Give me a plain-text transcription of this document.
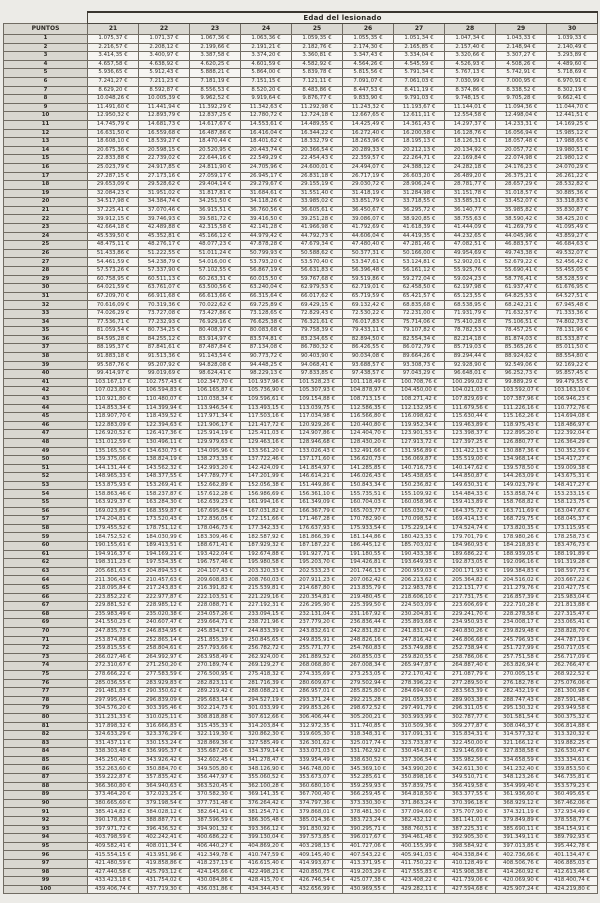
	Edad del lesionado									
PUNTOS	21	22	23	24	25	26	27	28	29	30
1	1.075,37 €	1.071,37 €	1.067,36 €	1.063,36 €	1.059,35 €	1.055,35 €	1.051,34 €	1.047,34 €	1.043,33 €	1.039,33 €
2	2.216,57 €	2.208,12 €	2.199,66 €	2.191,21 €	2.182,76 €	2.174,30 €	2.165,85 €	2.157,40 €	2.148,94 €	2.140,49 €
3	3.414,35 €	3.400,97 €	3.387,58 €	3.374,20 €	3.360,81 €	3.347,43 €	3.334,04 €	3.320,66 €	3.307,27 €	3.293,89 €
4	4.657,58 €	4.638,92 €	4.620,25 €	4.601,59 €	4.582,92 €	4.564,26 €	4.545,59 €	4.526,93 €	4.508,26 €	4.489,60 €
5	5.936,65 €	5.912,43 €	5.888,21 €	5.864,00 €	5.839,78 €	5.815,56 €	5.791,34 €	5.767,13 €	5.742,91 €	5.718,69 €
6	7.241,27 €	7.211,23 €	7.181,19 €	7.151,15 €	7.121,11 €	7.091,07 €	7.061,03 €	7.030,99 €	7.000,95 €	6.970,91 €
7	8.629,20 €	8.592,87 €	8.556,53 €	8.520,20 €	8.483,86 €	8.447,53 €	8.411,19 €	8.374,86 €	8.338,52 €	8.302,19 €
8	10.048,26 €	10.005,39 €	9.962,52 €	9.919,64 €	9.876,77 €	9.833,90 €	9.791,03 €	9.748,15 €	9.705,28 €	9.662,41 €
9	11.491,60 €	11.441,94 €	11.392,29 €	11.342,63 €	11.292,98 €	11.243,32 €	11.193,67 €	11.144,01 €	11.094,36 €	11.044,70 €
10	12.950,32 €	12.893,79 €	12.837,25 €	12.780,72 €	12.724,18 €	12.667,65 €	12.611,11 €	12.554,58 €	12.498,04 €	12.441,51 €
11	14.745,79 €	14.681,73 €	14.617,67 €	14.553,61 €	14.489,55 €	14.425,49 €	14.361,43 €	14.297,37 €	14.233,31 €	14.169,25 €
12	16.631,50 €	16.559,68 €	16.487,86 €	16.416,04 €	16.344,22 €	16.272,40 €	16.200,58 €	16.128,76 €	16.056,94 €	15.985,12 €
13	18.608,10 €	18.539,27 €	18.470,44 €	18.401,62 €	18.332,79 €	18.263,96 €	18.195,13 €	18.126,31 €	18.057,48 €	17.988,65 €
14	20.675,36 €	20.598,15 €	20.520,95 €	20.443,74 €	20.366,54 €	20.289,33 €	20.212,13 €	20.134,92 €	20.057,72 €	19.980,51 €
15	22.833,88 €	22.739,02 €	22.644,16 €	22.549,29 €	22.454,43 €	22.359,57 €	22.264,71 €	22.169,84 €	22.074,98 €	21.980,12 €
16	25.023,79 €	24.917,85 €	24.811,90 €	24.705,96 €	24.600,01 €	24.494,07 €	24.388,12 €	24.282,18 €	24.176,23 €	24.070,29 €
17	27.287,15 €	27.173,16 €	27.059,17 €	26.945,17 €	26.831,18 €	26.717,19 €	26.603,20 €	26.489,20 €	26.375,21 €	26.261,22 €
18	29.653,09 €	29.528,62 €	29.404,14 €	29.279,67 €	29.155,19 €	29.030,72 €	28.906,24 €	28.781,77 €	28.657,29 €	28.532,82 €
19	32.084,23 €	31.951,02 €	31.817,81 €	31.684,61 €	31.551,40 €	31.418,19 €	31.284,98 €	31.151,78 €	31.018,57 €	30.885,36 €
20	34.517,98 €	34.384,74 €	34.251,50 €	34.118,26 €	33.985,02 €	33.851,79 €	33.718,55 €	33.585,31 €	33.452,07 €	33.318,83 €
21	37.225,41 €	37.070,46 €	36.915,51 €	36.760,56 €	36.605,61 €	36.450,67 €	36.295,72 €	36.140,77 €	35.985,82 €	35.830,87 €
22	39.912,15 €	39.746,93 €	39.581,72 €	39.416,50 €	39.251,28 €	39.086,07 €	38.920,85 €	38.755,63 €	38.590,42 €	38.425,20 €
23	42.664,18 €	42.489,88 €	42.315,58 €	42.141,28 €	41.966,98 €	41.792,69 €	41.618,39 €	41.444,09 €	41.269,79 €	41.095,49 €
24	45.539,50 €	45.352,81 €	45.166,12 €	44.979,42 €	44.792,73 €	44.606,04 €	44.419,35 €	44.232,65 €	44.045,96 €	43.859,27 €
25	48.475,11 €	48.276,17 €	48.077,23 €	47.878,28 €	47.679,34 €	47.480,40 €	47.281,46 €	47.082,51 €	46.883,57 €	46.684,63 €
26	51.433,86 €	51.222,55 €	51.011,24 €	50.799,93 €	50.588,62 €	50.377,31 €	50.166,00 €	49.954,69 €	49.743,38 €	49.532,07 €
27	54.461,59 €	54.238,79 €	54.016,00 €	53.793,20 €	53.570,40 €	53.347,61 €	53.124,81 €	52.902,01 €	52.679,22 €	52.456,42 €
28	57.573,26 €	57.337,90 €	57.102,55 €	56.867,19 €	56.631,83 €	56.396,48 €	56.161,12 €	55.925,76 €	55.690,41 €	55.455,05 €
29	60.758,95 €	60.511,13 €	60.263,31 €	60.015,50 €	59.767,68 €	59.519,86 €	59.272,04 €	59.024,23 €	58.776,41 €	58.528,59 €
30	64.021,59 €	63.761,07 €	63.500,56 €	63.240,04 €	62.979,53 €	62.719,01 €	62.458,50 €	62.197,98 €	61.937,47 €	61.676,95 €
31	67.209,70 €	66.911,68 €	66.613,66 €	66.315,64 €	66.017,62 €	65.719,59 €	65.421,57 €	65.123,55 €	64.825,53 €	64.527,51 €
32	70.616,09 €	70.319,36 €	70.022,62 €	69.725,89 €	69.429,15 €	69.132,42 €	68.835,68 €	68.538,95 €	68.242,21 €	67.945,48 €
33	74.026,29 €	73.727,08 €	73.427,86 €	73.128,65 €	72.829,43 €	72.530,22 €	72.231,00 €	71.931,79 €	71.632,57 €	71.333,36 €
34	77.536,71 €	77.232,93 €	76.929,16 €	76.625,38 €	76.321,61 €	76.017,83 €	75.714,06 €	75.410,28 €	75.106,51 €	74.802,73 €
35	81.059,54 €	80.734,25 €	80.408,97 €	80.083,68 €	79.758,39 €	79.433,11 €	79.107,82 €	78.782,53 €	78.457,25 €	78.131,96 €
36	84.595,28 €	84.255,12 €	83.914,97 €	83.574,81 €	83.234,65 €	82.894,50 €	82.554,34 €	82.214,18 €	81.874,03 €	81.533,87 €
37	88.195,37 €	87.841,61 €	87.487,84 €	87.134,08 €	86.780,32 €	86.426,55 €	86.072,79 €	85.719,03 €	85.365,26 €	85.011,50 €
38	91.883,18 €	91.513,36 €	91.143,54 €	90.773,72 €	90.403,90 €	90.034,08 €	89.664,26 €	89.294,44 €	88.924,62 €	88.554,80 €
39	95.587,76 €	95.207,92 €	94.828,08 €	94.448,25 €	94.068,41 €	93.688,57 €	93.308,73 €	92.928,90 €	92.549,06 €	92.169,22 €
40	99.414,97 €	99.019,69 €	98.624,41 €	98.229,13 €	97.833,85 €	97.438,57 €	97.043,29 €	96.648,01 €	96.252,73 €	95.857,45 €
41	103.167,17 €	102.757,43 €	102.347,70 €	101.937,96 €	101.528,23 €	101.118,49 €	100.708,76 €	100.299,02 €	99.889,29 €	99.479,55 €
42	107.023,80 €	106.594,83 €	106.165,87 €	105.736,90 €	105.307,93 €	104.878,97 €	104.450,00 €	104.021,03 €	103.592,07 €	103.163,10 €
43	110.921,80 €	110.480,07 €	110.038,34 €	109.596,61 €	109.154,88 €	108.713,15 €	108.271,42 €	107.829,69 €	107.387,96 €	106.946,23 €
44	114.853,34 €	114.399,94 €	113.946,54 €	113.493,15 €	113.039,75 €	112.586,35 €	112.132,95 €	111.679,56 €	111.226,16 €	110.772,76 €
45	118.907,70 €	118.439,52 €	117.971,34 €	117.503,16 €	117.034,98 €	116.566,80 €	116.098,62 €	115.630,44 €	115.162,26 €	114.694,08 €
46	122.883,09 €	122.394,63 €	121.906,17 €	121.417,72 €	120.929,26 €	120.440,80 €	119.952,34 €	119.463,89 €	118.975,43 €	118.486,97 €
47	126.920,52 €	126.417,36 €	125.914,19 €	125.411,03 €	124.907,86 €	124.404,70 €	123.901,53 €	123.398,37 €	122.895,20 €	122.392,04 €
48	131.012,59 €	130.496,11 €	129.979,63 €	129.463,16 €	128.946,68 €	128.430,20 €	127.913,72 €	127.397,25 €	126.880,77 €	126.364,29 €
49	135.165,50 €	134.630,73 €	134.095,96 €	133.561,20 €	133.026,43 €	132.491,66 €	131.956,89 €	131.422,13 €	130.887,36 €	130.352,59 €
50	139.375,06 €	138.824,19 €	138.273,33 €	137.722,46 €	137.171,60 €	136.620,73 €	136.069,87 €	135.519,00 €	134.968,14 €	134.417,27 €
51	144.131,44 €	143.562,32 €	142.993,20 €	142.424,09 €	141.854,97 €	141.285,85 €	140.716,73 €	140.147,62 €	139.578,50 €	139.009,38 €
52	148.965,33 €	148.377,55 €	147.789,77 €	147.201,99 €	146.614,21 €	146.026,43 €	145.438,65 €	144.850,87 €	144.263,09 €	143.675,31 €
53	153.875,93 €	153.269,41 €	152.662,89 €	152.056,38 €	151.449,86 €	150.843,34 €	150.236,82 €	149.630,31 €	149.023,79 €	148.417,27 €
54	158.863,46 €	158.237,87 €	157.612,28 €	156.986,69 €	156.361,10 €	155.735,51 €	155.109,92 €	154.484,33 €	153.858,74 €	153.233,15 €
55	163.929,37 €	163.284,30 €	162.639,23 €	161.994,16 €	161.349,09 €	160.704,03 €	160.058,96 €	159.413,89 €	158.768,82 €	158.123,75 €
56	169.023,89 €	168.359,87 €	167.695,84 €	167.031,82 €	166.367,79 €	165.703,77 €	165.039,74 €	164.375,72 €	163.711,69 €	163.047,67 €
57	174.204,81 €	173.520,43 €	172.836,05 €	172.151,66 €	171.467,28 €	170.782,90 €	170.098,52 €	169.414,13 €	168.729,75 €	168.045,37 €
58	179.455,52 €	178.751,12 €	178.046,73 €	177.342,33 €	176.637,93 €	175.933,54 €	175.229,14 €	174.524,74 €	173.820,35 €	173.115,95 €
59	184.752,52 €	184.030,99 €	183.309,46 €	182.587,92 €	181.866,39 €	181.144,86 €	180.423,33 €	179.701,79 €	178.980,26 €	178.258,73 €
60	190.155,61 €	189.413,51 €	188.671,41 €	187.929,32 €	187.187,22 €	186.445,12 €	185.703,02 €	184.960,93 €	184.218,83 €	183.476,73 €
61	194.916,37 €	194.169,21 €	193.422,04 €	192.674,88 €	191.927,71 €	191.180,55 €	190.433,38 €	189.686,22 €	188.939,05 €	188.191,89 €
62	198.311,23 €	197.534,35 €	196.757,46 €	195.980,58 €	195.203,70 €	194.426,81 €	193.649,93 €	192.873,05 €	192.096,16 €	191.319,28 €
63	205.681,63 €	204.894,53 €	204.107,43 €	203.320,33 €	202.533,23 €	201.746,13 €	200.959,03 €	200.171,93 €	199.384,83 €	198.597,73 €
64	211.306,43 €	210.457,63 €	209.608,83 €	208.760,03 €	207.911,23 €	207.062,42 €	206.213,62 €	205.364,82 €	204.516,02 €	203.667,22 €
65	218.095,84 €	217.243,83 €	216.391,82 €	215.539,81 €	214.687,80 €	213.835,79 €	212.983,78 €	212.131,77 €	211.279,76 €	210.427,75 €
66	223.852,22 €	222.977,87 €	222.103,51 €	221.229,16 €	220.354,81 €	219.480,45 €	218.606,10 €	217.731,75 €	216.857,39 €	215.983,04 €
67	229.881,52 €	228.985,12 €	228.088,71 €	227.192,31 €	226.295,90 €	225.399,50 €	224.503,09 €	223.606,69 €	222.710,28 €	221.813,88 €
68	235.983,49 €	235.020,38 €	234.057,26 €	233.094,15 €	232.131,04 €	231.167,92 €	230.204,81 €	229.241,70 €	228.278,58 €	227.315,47 €
69	241.550,23 €	240.607,47 €	239.664,71 €	238.721,96 €	237.779,20 €	236.836,44 €	235.893,68 €	234.950,93 €	234.008,17 €	233.065,41 €
70	247.835,73 €	246.834,95 €	245.834,17 €	244.833,39 €	243.832,61 €	242.831,82 €	241.831,04 €	240.830,26 €	239.829,48 €	238.828,70 €
71	253.874,88 €	252.865,14 €	251.855,39 €	250.845,65 €	249.835,91 €	248.826,16 €	247.816,42 €	246.806,68 €	245.796,93 €	244.787,19 €
72	259.815,55 €	258.804,61 €	257.793,66 €	256.782,72 €	255.771,77 €	254.760,83 €	253.749,88 €	252.738,94 €	251.727,99 €	250.717,05 €
73	266.027,46 €	264.992,97 €	263.958,49 €	262.924,00 €	261.889,52 €	260.855,03 €	259.820,55 €	258.786,06 €	257.751,58 €	256.717,09 €
74	272.310,67 €	271.250,20 €	270.189,74 €	269.129,27 €	268.068,80 €	267.008,34 €	265.947,87 €	264.887,40 €	263.826,94 €	262.766,47 €
75	278.666,22 €	277.583,59 €	276.500,95 €	275.418,32 €	274.335,69 €	273.253,05 €	272.170,42 €	271.087,79 €	270.005,15 €	268.922,52 €
76	285.036,55 €	283.929,83 €	282.823,11 €	281.716,39 €	280.609,67 €	279.502,94 €	278.396,22 €	277.289,50 €	276.182,78 €	275.076,06 €
77	291.481,83 €	290.350,62 €	289.219,42 €	288.088,21 €	286.957,01 €	285.825,80 €	284.694,60 €	283.563,39 €	282.432,19 €	281.300,98 €
78	297.995,04 €	296.839,09 €	295.683,14 €	294.527,19 €	293.371,24 €	292.215,28 €	291.059,33 €	289.903,38 €	288.747,43 €	287.591,48 €
79	304.576,20 €	303.395,46 €	302.214,73 €	301.033,99 €	299.853,26 €	298.672,52 €	297.491,79 €	296.311,05 €	295.130,32 €	293.949,58 €
80	311.231,33 €	310.025,11 €	308.818,88 €	307.612,66 €	306.406,44 €	305.200,21 €	303.993,99 €	302.787,77 €	301.581,54 €	300.375,32 €
81	317.898,32 €	316.666,83 €	315.435,33 €	314.203,84 €	312.972,35 €	311.740,85 €	310.509,36 €	309.277,87 €	308.046,37 €	306.814,88 €
82	324.633,29 €	323.376,29 €	322.119,30 €	320.862,30 €	319.605,30 €	318.348,31 €	317.091,31 €	315.834,31 €	314.577,32 €	313.320,32 €
83	331.437,11 €	330.153,24 €	328.869,36 €	327.585,49 €	326.301,62 €	325.017,74 €	323.733,87 €	322.450,00 €	321.166,12 €	319.882,25 €
84	338.303,48 €	336.995,37 €	335.687,26 €	334.379,14 €	333.071,03 €	331.762,92 €	330.454,81 €	329.146,69 €	327.838,58 €	326.530,47 €
85	345.250,40 €	343.926,42 €	342.602,45 €	341.278,47 €	339.954,49 €	338.630,52 €	337.306,54 €	335.982,56 €	334.658,59 €	333.334,61 €
86	352.263,60 €	350.884,70 €	349.505,80 €	348.126,90 €	346.748,00 €	345.369,10 €	343.990,20 €	342.611,30 €	341.232,40 €	339.853,50 €
87	359.222,87 €	357.835,42 €	356.447,97 €	355.060,52 €	353.673,07 €	352.285,61 €	350.898,16 €	349.510,71 €	348.123,26 €	346.735,81 €
88	366.360,80 €	364.940,63 €	363.520,45 €	362.100,28 €	360.680,10 €	359.259,93 €	357.839,75 €	356.419,58 €	354.999,40 €	353.579,23 €
89	373.464,20 €	372.023,25 €	370.582,30 €	369.141,35 €	367.700,40 €	366.259,45 €	364.818,50 €	363.377,55 €	361.936,60 €	360.495,65 €
90	380.665,60 €	379.198,54 €	377.731,48 €	376.264,42 €	374.797,36 €	373.330,30 €	371.863,24 €	370.396,18 €	368.929,12 €	367.462,06 €
91	385.414,82 €	384.028,12 €	382.641,41 €	381.254,71 €	379.868,01 €	378.481,30 €	377.094,60 €	375.707,90 €	374.321,19 €	372.934,49 €
92	390.178,83 €	388.887,71 €	387.596,59 €	386.305,48 €	385.014,36 €	383.723,24 €	382.432,12 €	381.141,01 €	379.849,89 €	378.558,77 €
93	397.971,72 €	396.436,52 €	394.901,32 €	393.366,12 €	391.830,92 €	390.295,71 €	388.760,51 €	387.225,31 €	385.690,11 €	384.154,91 €
94	403.798,59 €	402.242,41 €	400.686,22 €	399.130,04 €	397.573,85 €	396.017,67 €	394.461,48 €	392.905,30 €	391.349,11 €	389.792,93 €
95	409.582,41 €	408.011,34 €	406.440,27 €	404.869,20 €	403.298,13 €	401.727,06 €	400.155,99 €	398.584,92 €	397.013,85 €	395.442,78 €
96	415.554,15 €	413.951,96 €	412.349,78 €	410.747,59 €	409.145,40 €	407.543,22 €	405.941,03 €	404.338,84 €	402.736,66 €	401.134,47 €
97	421.480,59 €	419.858,86 €	418.237,13 €	416.615,40 €	414.993,67 €	413.371,95 €	411.750,22 €	410.128,49 €	408.506,76 €	406.885,03 €
98	427.440,58 €	425.793,12 €	424.145,66 €	422.498,21 €	420.850,75 €	419.203,29 €	417.555,83 €	415.908,38 €	414.260,92 €	412.613,46 €
99	433.423,18 €	431.754,02 €	430.084,86 €	428.415,70 €	426.746,54 €	425.077,38 €	423.408,22 €	421.739,06 €	420.069,90 €	418.400,74 €
100	439.406,74 €	437.719,30 €	436.031,86 €	434.344,43 €	432.656,99 €	430.969,55 €	429.282,11 €	427.594,68 €	425.907,24 €	424.219,80 €
